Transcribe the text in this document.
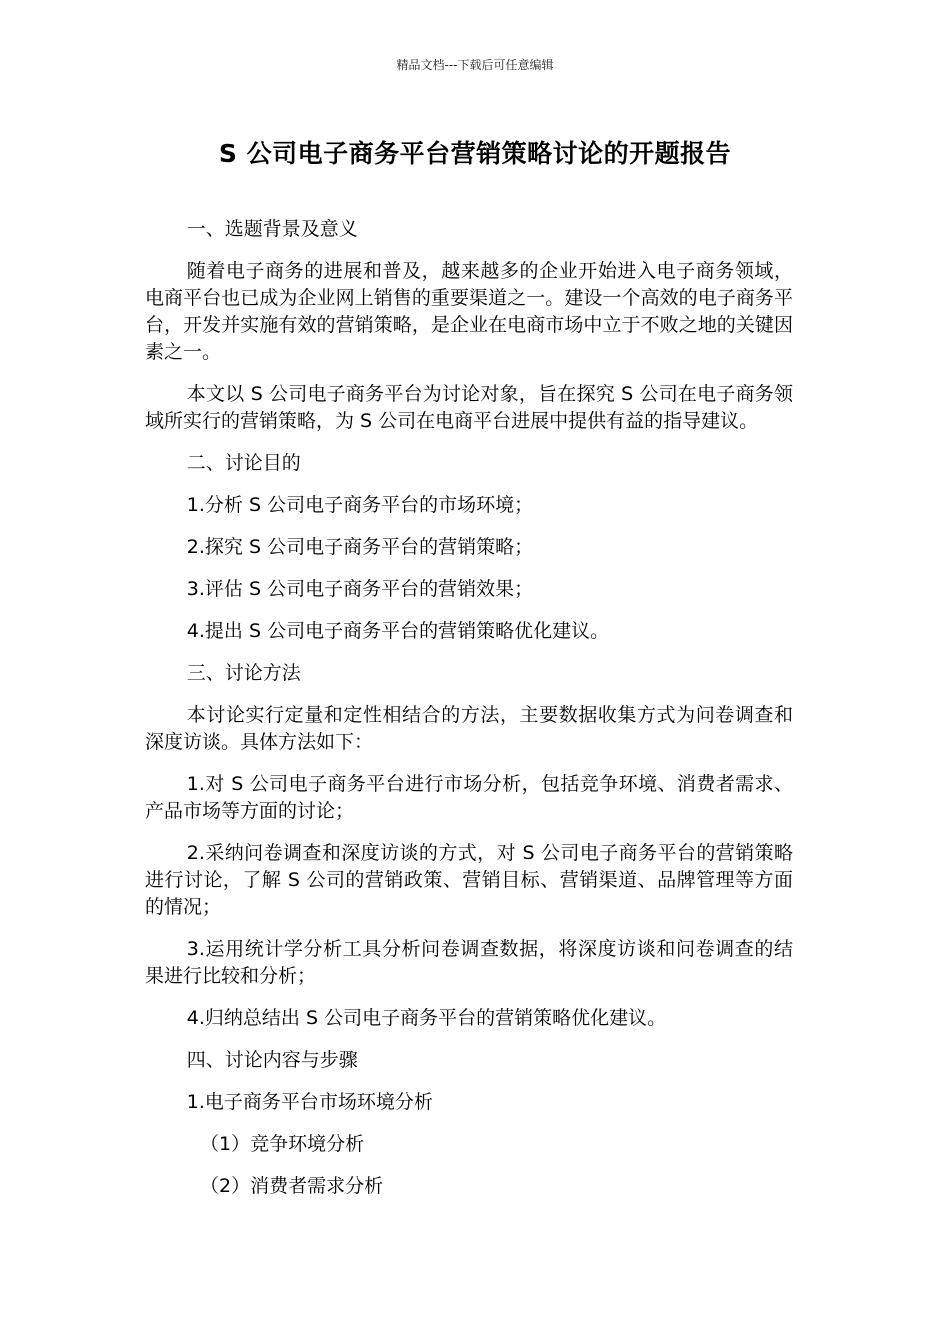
精品文档---下载后可任意编辑
S 公司电子商务平台营销策略讨论的开题报告

一、选题背景及意义

随着电子商务的进展和普及，越来越多的企业开始进入电子商务领域，电商平台也已成为企业网上销售的重要渠道之一。建设一个高效的电子商务平台，开发并实施有效的营销策略，是企业在电商市场中立于不败之地的关键因素之一。

本文以 S 公司电子商务平台为讨论对象，旨在探究 S 公司在电子商务领域所实行的营销策略，为 S 公司在电商平台进展中提供有益的指导建议。

二、讨论目的

1.分析 S 公司电子商务平台的市场环境；

2.探究 S 公司电子商务平台的营销策略；

3.评估 S 公司电子商务平台的营销效果；

4.提出 S 公司电子商务平台的营销策略优化建议。

三、讨论方法

本讨论实行定量和定性相结合的方法，主要数据收集方式为问卷调查和深度访谈。具体方法如下：

1.对 S 公司电子商务平台进行市场分析，包括竞争环境、消费者需求、产品市场等方面的讨论；

2.采纳问卷调查和深度访谈的方式，对 S 公司电子商务平台的营销策略进行讨论，了解 S 公司的营销政策、营销目标、营销渠道、品牌管理等方面的情况；

3.运用统计学分析工具分析问卷调查数据，将深度访谈和问卷调查的结果进行比较和分析；

4.归纳总结出 S 公司电子商务平台的营销策略优化建议。

四、讨论内容与步骤

1.电子商务平台市场环境分析

（1）竞争环境分析

（2）消费者需求分析
